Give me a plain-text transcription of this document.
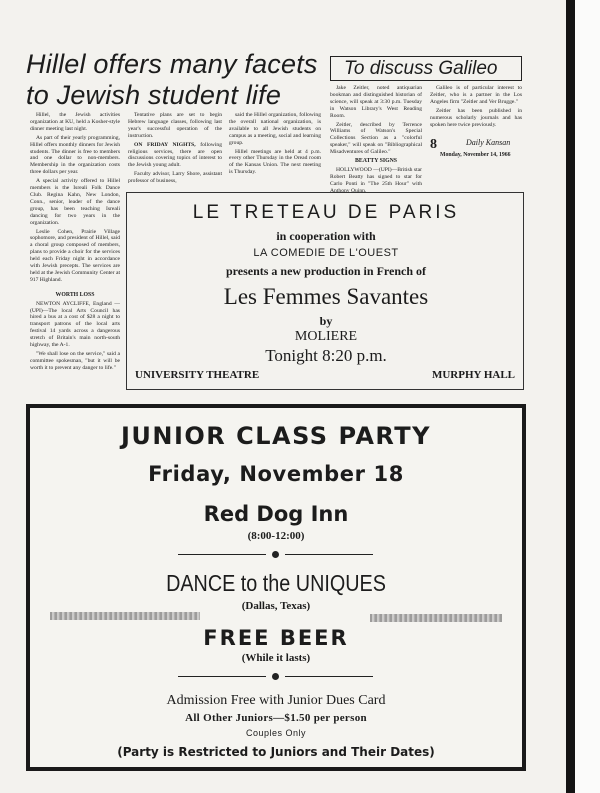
Hillel offers many facets
to Jewish student life

Hillel, the Jewish activities organization at KU, held a Kosher-style dinner meeting last night.

As part of their yearly programming, Hillel offers monthly dinners for Jewish students. The dinner is free to members and one dollar to non-members. Membership in the organization costs three dollars per year.

A special activity offered to Hillel members is the Isreali Folk Dance Club. Regina Kahn, New London, Conn., senior, leader of the dance group, has been teaching Isreali dancing for two years in the organization.

Leslie Cohen, Prairie Village sophomore, and president of Hillel, said a choral group composed of members, plans to provide a choir for the services held each Friday night in accordance with Jewish precepts. The services are held at the Jewish Community Center at 917 Highland.

WORTH LOSS

NEWTON AYCLIFFE, England —(UPI)—The local Arts Council has hired a bus at a cost of $28 a night to transport patrons of the local arts festival 14 yards across a dangerous stretch of Britain's main north-south highway, the A-1.

"We shall lose on the service," said a committee spokesman, "but it will be worth it to prevent any danger to life."

Tentative plans are set to begin Hebrew language classes, following last year's successful operation of the instruction.

ON FRIDAY NIGHTS, following religious services, there are open discussions covering topics of interest to the Jewish young adult.

Faculty advisor, Larry Shore, assistant professor of business,

said the Hillel organization, following the overall national organization, is available to all Jewish students on campus as a meeting, social and learning group.

Hillel meetings are held at 4 p.m. every other Thursday in the Oread room of the Kansas Union. The next meeting is Thursday.

To discuss Galileo

Jake Zeitler, noted antiquarian bookman and distinguished historian of science, will speak at 3:30 p.m. Tuesday in Watson Library's West Reading Room.

Zeitler, described by Terrence Williams of Watson's Special Collections Section as a "colorful speaker," will speak on "Bibliographical Misadventures of Galileo."

BEATTY SIGNS

HOLLYWOOD —(UPI)—British star Robert Beatty has signed to star for Carlo Ponti in "The 25th Hour" with Anthony Quinn.

Galileo is of particular interest to Zeitler, who is a partner in the Los Angeles firm "Zeitler and Ver Brugge."

Zeitler has been published in numerous scholarly journals and has spoken here twice previously.

8	Daily Kansan
Monday, November 14, 1966
LE TRETEAU DE PARIS
in cooperation with
LA COMEDIE DE L'OUEST
presents a new production in French of
Les Femmes Savantes
by
MOLIERE
Tonight 8:20 p.m.
UNIVERSITY THEATRE	MURPHY HALL
JUNIOR CLASS PARTY
Friday, November 18
Red Dog Inn
(8:00-12:00)
DANCE to the UNIQUES
(Dallas, Texas)
FREE BEER
(While it lasts)
Admission Free with Junior Dues Card
All Other Juniors—$1.50 per person
Couples Only
(Party is Restricted to Juniors and Their Dates)
